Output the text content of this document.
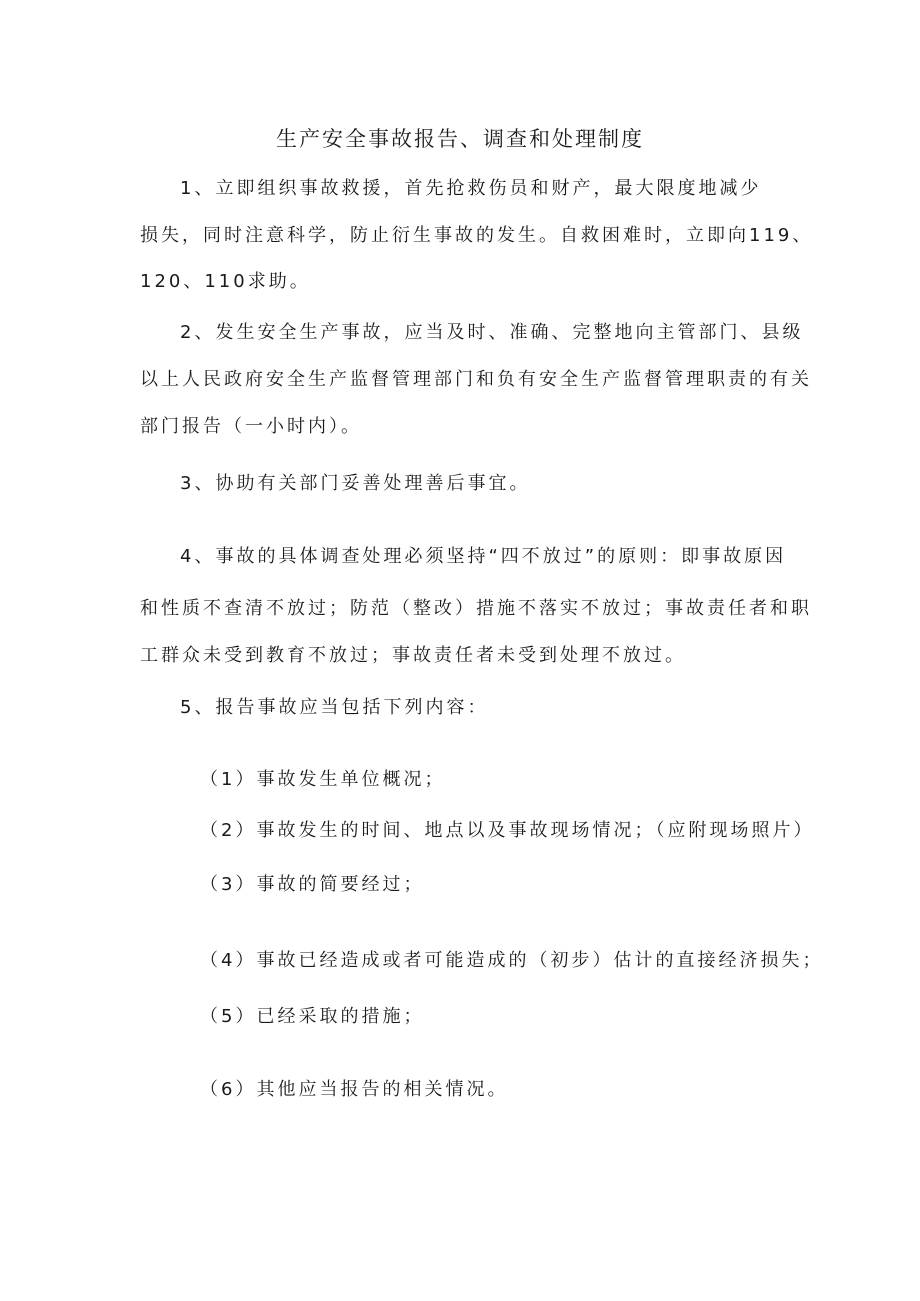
生产安全事故报告、调查和处理制度
1、立即组织事故救援，首先抢救伤员和财产，最大限度地减少
损失，同时注意科学，防止衍生事故的发生。自救困难时，立即向119、
120、110求助。
2、发生安全生产事故，应当及时、准确、完整地向主管部门、县级
以上人民政府安全生产监督管理部门和负有安全生产监督管理职责的有关
部门报告（一小时内）。
3、协助有关部门妥善处理善后事宜。
4、事故的具体调查处理必须坚持“四不放过”的原则：即事故原因
和性质不查清不放过；防范（整改）措施不落实不放过；事故责任者和职
工群众未受到教育不放过；事故责任者未受到处理不放过。
5、报告事故应当包括下列内容：
（1）事故发生单位概况；
（2）事故发生的时间、地点以及事故现场情况；（应附现场照片）
（3）事故的简要经过；
（4）事故已经造成或者可能造成的（初步）估计的直接经济损失；
（5）已经采取的措施；
（6）其他应当报告的相关情况。
